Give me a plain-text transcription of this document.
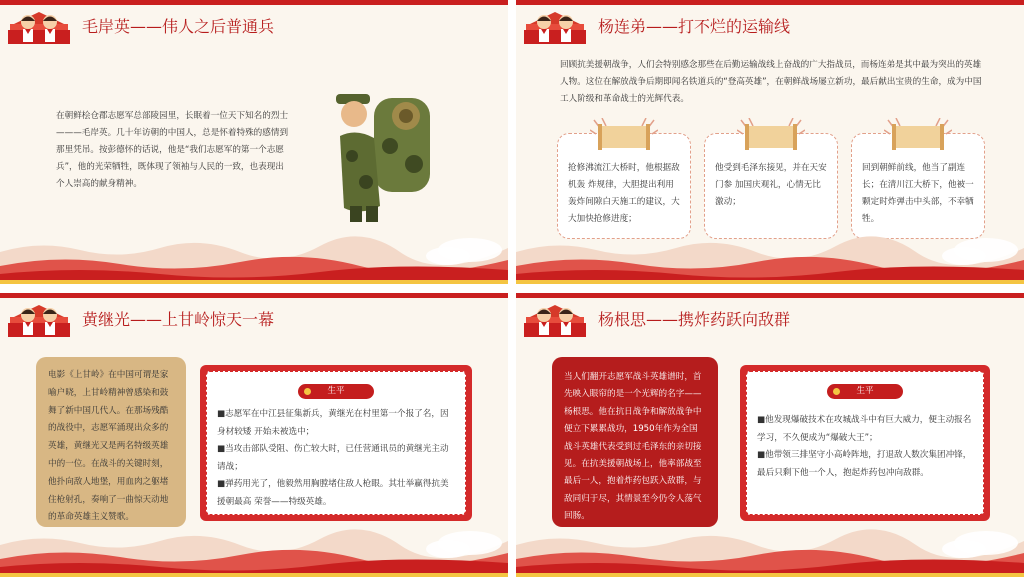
毛岸英——伟人之后普通兵
在朝鲜桧仓郡志愿军总部陵园里，长眠着一位天下知名的烈士———毛岸英。几十年访朝的中国人，总是怀着特殊的感情到那里凭吊。按彭德怀的话说，他是“我们志愿军的第一个志愿兵”，他的光荣牺牲，既体现了领袖与人民的一致，也表现出个人崇高的献身精神。
杨连弟——打不烂的运输线
回顾抗美援朝战争，人们会特别感念那些在后勤运输战线上奋战的广大指战员，而杨连弟是其中最为突出的英雄人物。这位在解放战争后期即闻名铁道兵的“登高英雄”，在朝鲜战场屡立新功，最后献出宝贵的生命，成为中国工人阶级和革命战士的光辉代表。
抢修沸流江大桥时，他根据敌机轰 炸规律，大胆提出利用轰炸间隙白天施工的建议，大大加快抢修进度；
他受到毛泽东接见，并在天安门参 加国庆观礼，心情无比激动；
回到朝鲜前线，他当了副连长；在清川江大桥下，他被一颗定时炸弹击中头部，不幸牺牲。
黄继光——上甘岭惊天一幕
电影《上甘岭》在中国可谓是家喻户晓，上甘岭精神曾感染和鼓舞了新中国几代人。在那场残酷的战役中，志愿军涌现出众多的英雄，黄继光又是两名特级英雄中的一位。在战斗的关键时刻，他扑向敌人地堡，用血肉之躯堵住枪射孔，奏响了一曲惊天动地的革命英雄主义赞歌。
生平
■志愿军在中江县征集新兵，黄继光在村里第一个报了名，因身材较矮 开始未被选中；
■当攻击部队受阻、伤亡较大时，已任营通讯员的黄继光主动请战；
■弹药用光了，他毅然用胸膛堵住敌人枪眼。其壮举赢得抗美援朝最高 荣誉——特级英雄。
杨根思——携炸药跃向敌群
当人们翻开志愿军战斗英雄谱时，首先映入眼帘的是一个光辉的名字——杨根思。他在抗日战争和解放战争中便立下累累战功，1950年作为全国战斗英雄代表受到过毛泽东的亲切接见。在抗美援朝战场上，他率部战至最后一人，抱着炸药包跃入敌群，与敌同归于尽，其情景至今仍令人荡气回肠。
生平
■他发现爆破技术在攻城战斗中有巨大威力，便主动报名学习，不久便成为“爆破大王”；
■他带领三排坚守小高岭阵地，打退敌人数次集团冲锋，最后只剩下他一个人，抱起炸药包冲向敌群。
